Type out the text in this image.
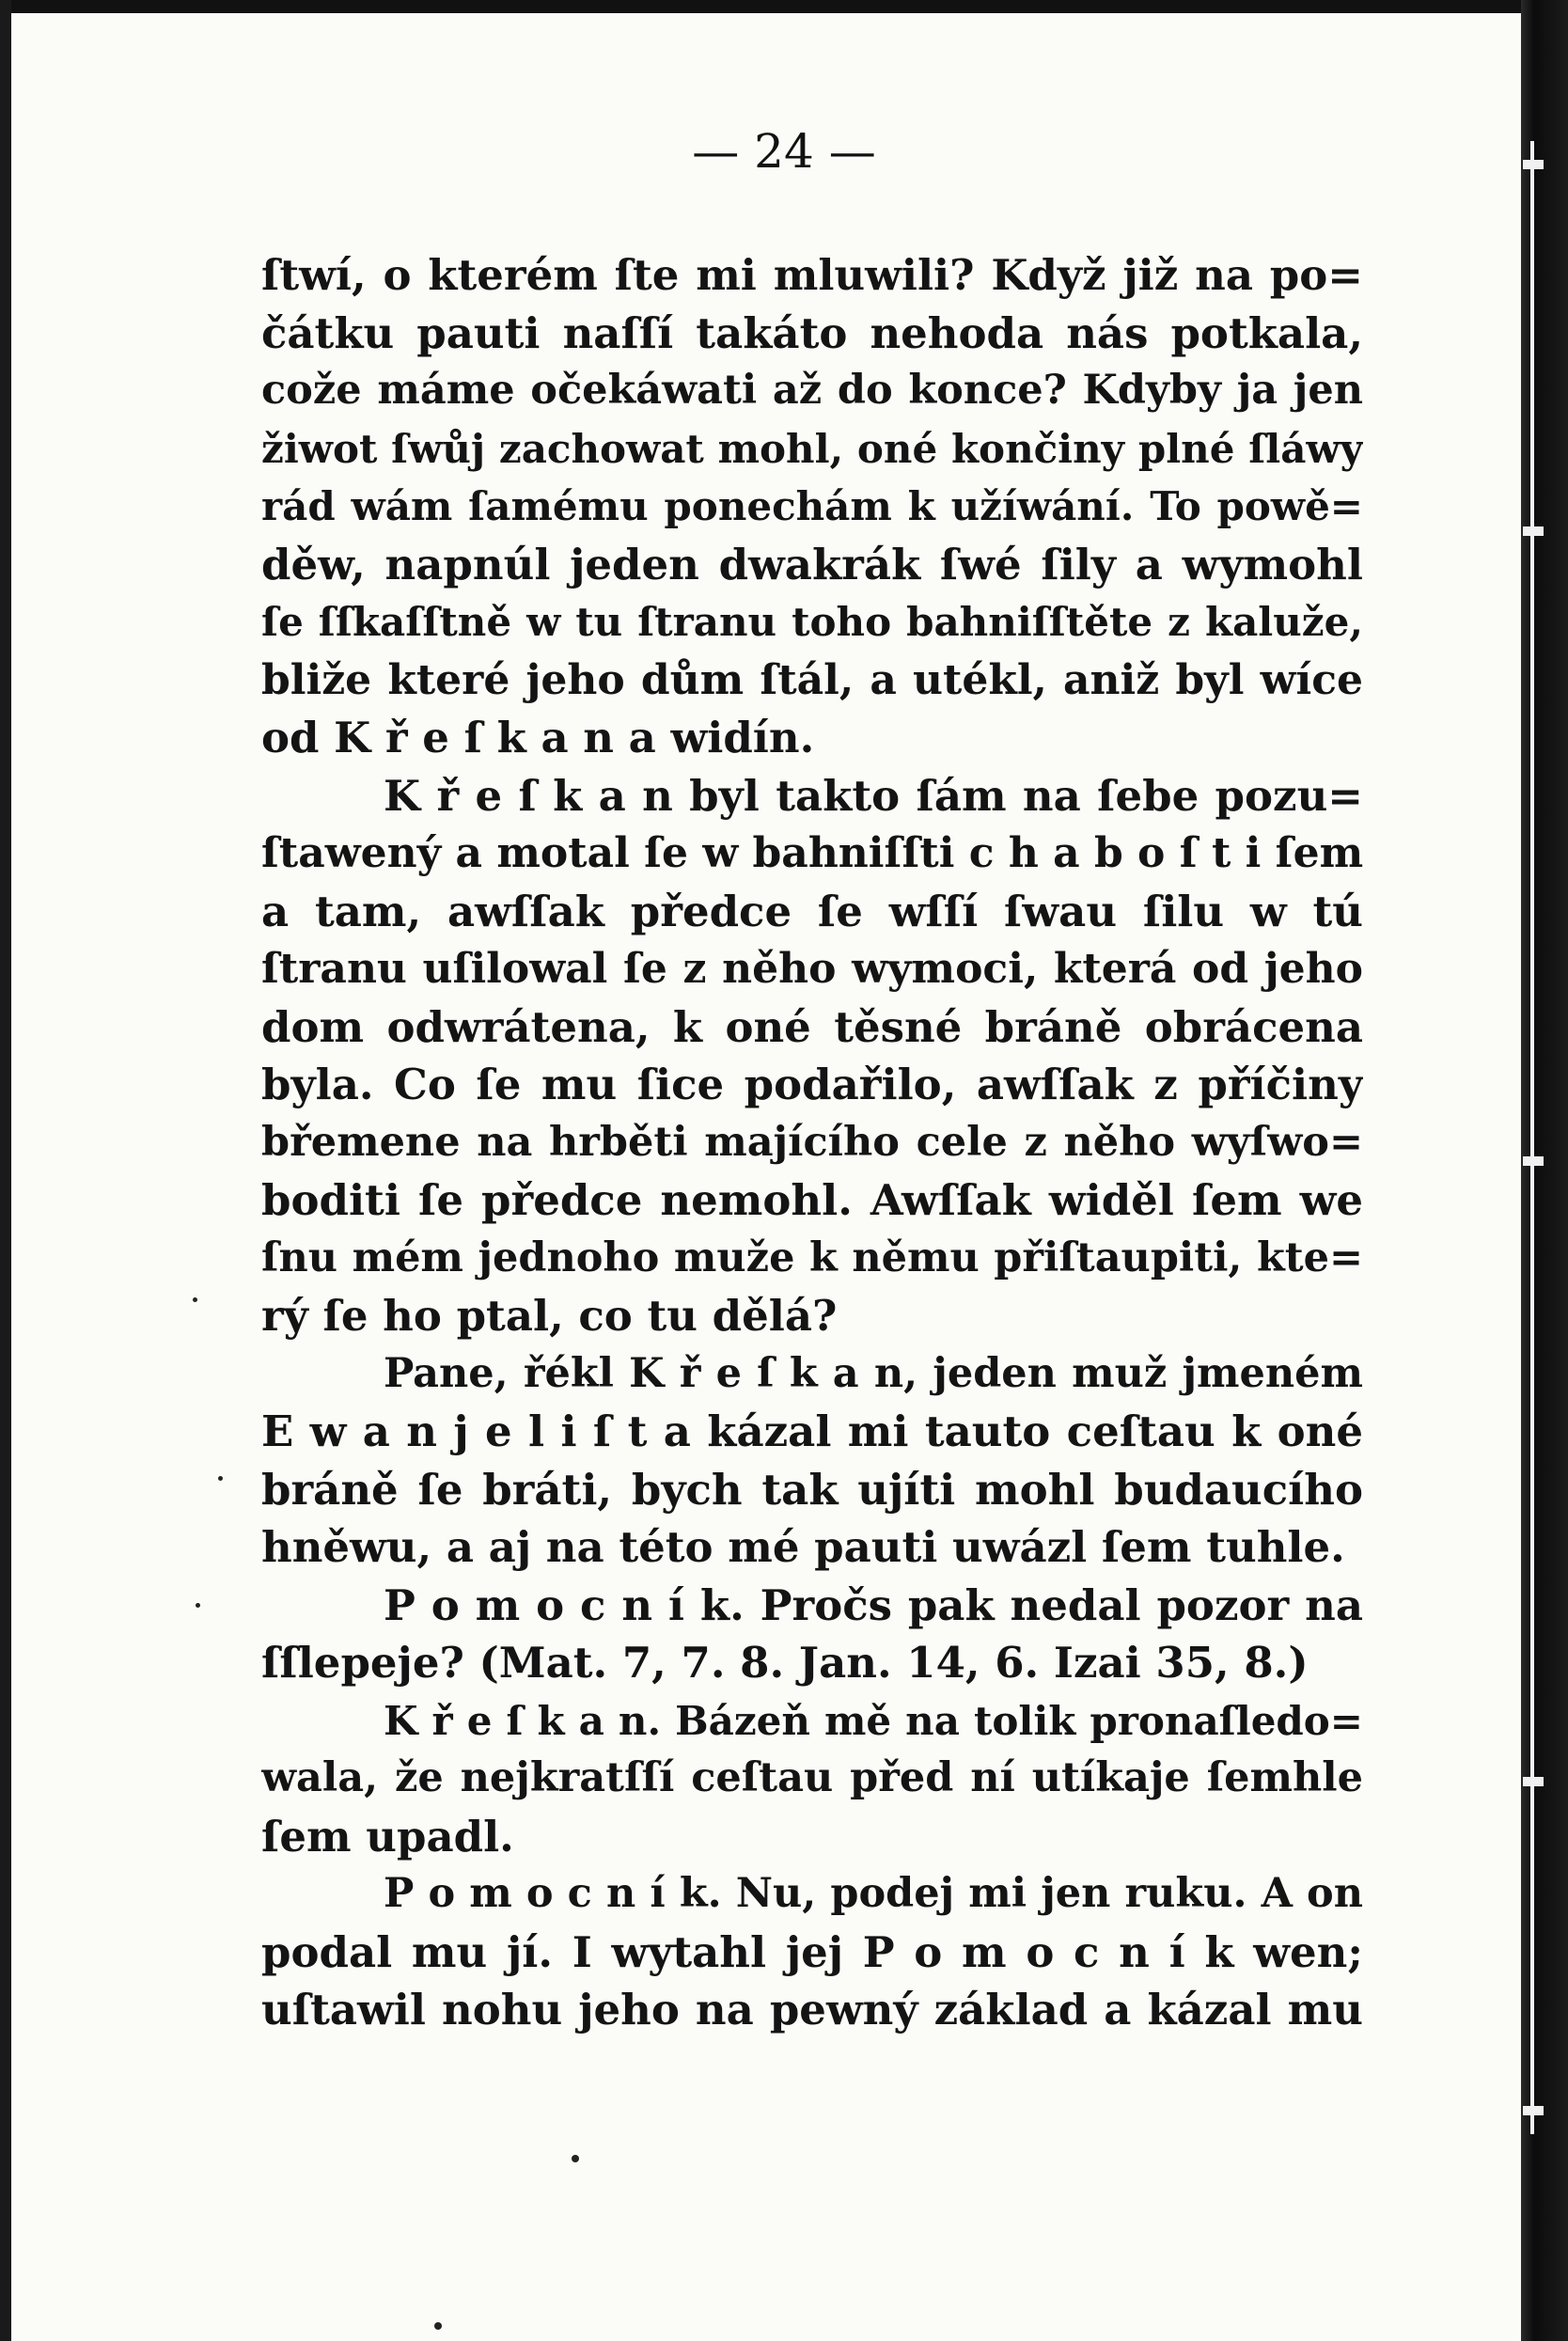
— 24 —
ſtwí, o kterém ſte mi mluwili? Když již na po=
čátku pauti naſſí takáto nehoda nás potkala,
cože máme očekáwati až do konce? Kdyby ja jen
žiwot ſwůj zachowat mohl, oné končiny plné ſláwy
rád wám ſamému ponechám k užíwání. To powě=
děw, napnúl jeden dwakrák ſwé ſily a wymohl
ſe ſſkaſſtně w tu ſtranu toho bahniſſtěte z kaluže,
bliže které jeho dům ſtál, a utékl, aniž byl wíce
od K ř e ſ k a n a widín.
K ř e ſ k a n byl takto ſám na ſebe pozu=
ſtawený a motal ſe w bahniſſti c h a b o ſ t i ſem
a tam, awſſak předce ſe wſſí ſwau ſilu w tú
ſtranu uſilowal ſe z něho wymoci, která od jeho
dom odwrátena, k oné těsné bráně obrácena
byla. Co ſe mu ſice podařilo, awſſak z příčiny
břemene na hrběti majícího cele z něho wyſwo=
boditi ſe předce nemohl. Awſſak widěl ſem we
ſnu mém jednoho muže k němu přiſtaupiti, kte=
rý ſe ho ptal, co tu dělá?
Pane, řékl K ř e ſ k a n, jeden muž jmeném
E w a n j e l i ſ t a kázal mi tauto ceſtau k oné
bráně ſe bráti, bych tak ujíti mohl budaucího
hněwu, a aj na této mé pauti uwázl ſem tuhle.
P o m o c n í k. Pročs pak nedal pozor na
ſſlepeje? (Mat. 7, 7. 8. Jan. 14, 6. Izai 35, 8.)
K ř e ſ k a n. Bázeň mě na tolik pronaſledo=
wala, že nejkratſſí ceſtau před ní utíkaje ſemhle
ſem upadl.
P o m o c n í k. Nu, podej mi jen ruku. A on
podal mu jí. I wytahl jej P o m o c n í k wen;
uſtawil nohu jeho na pewný základ a kázal mu
